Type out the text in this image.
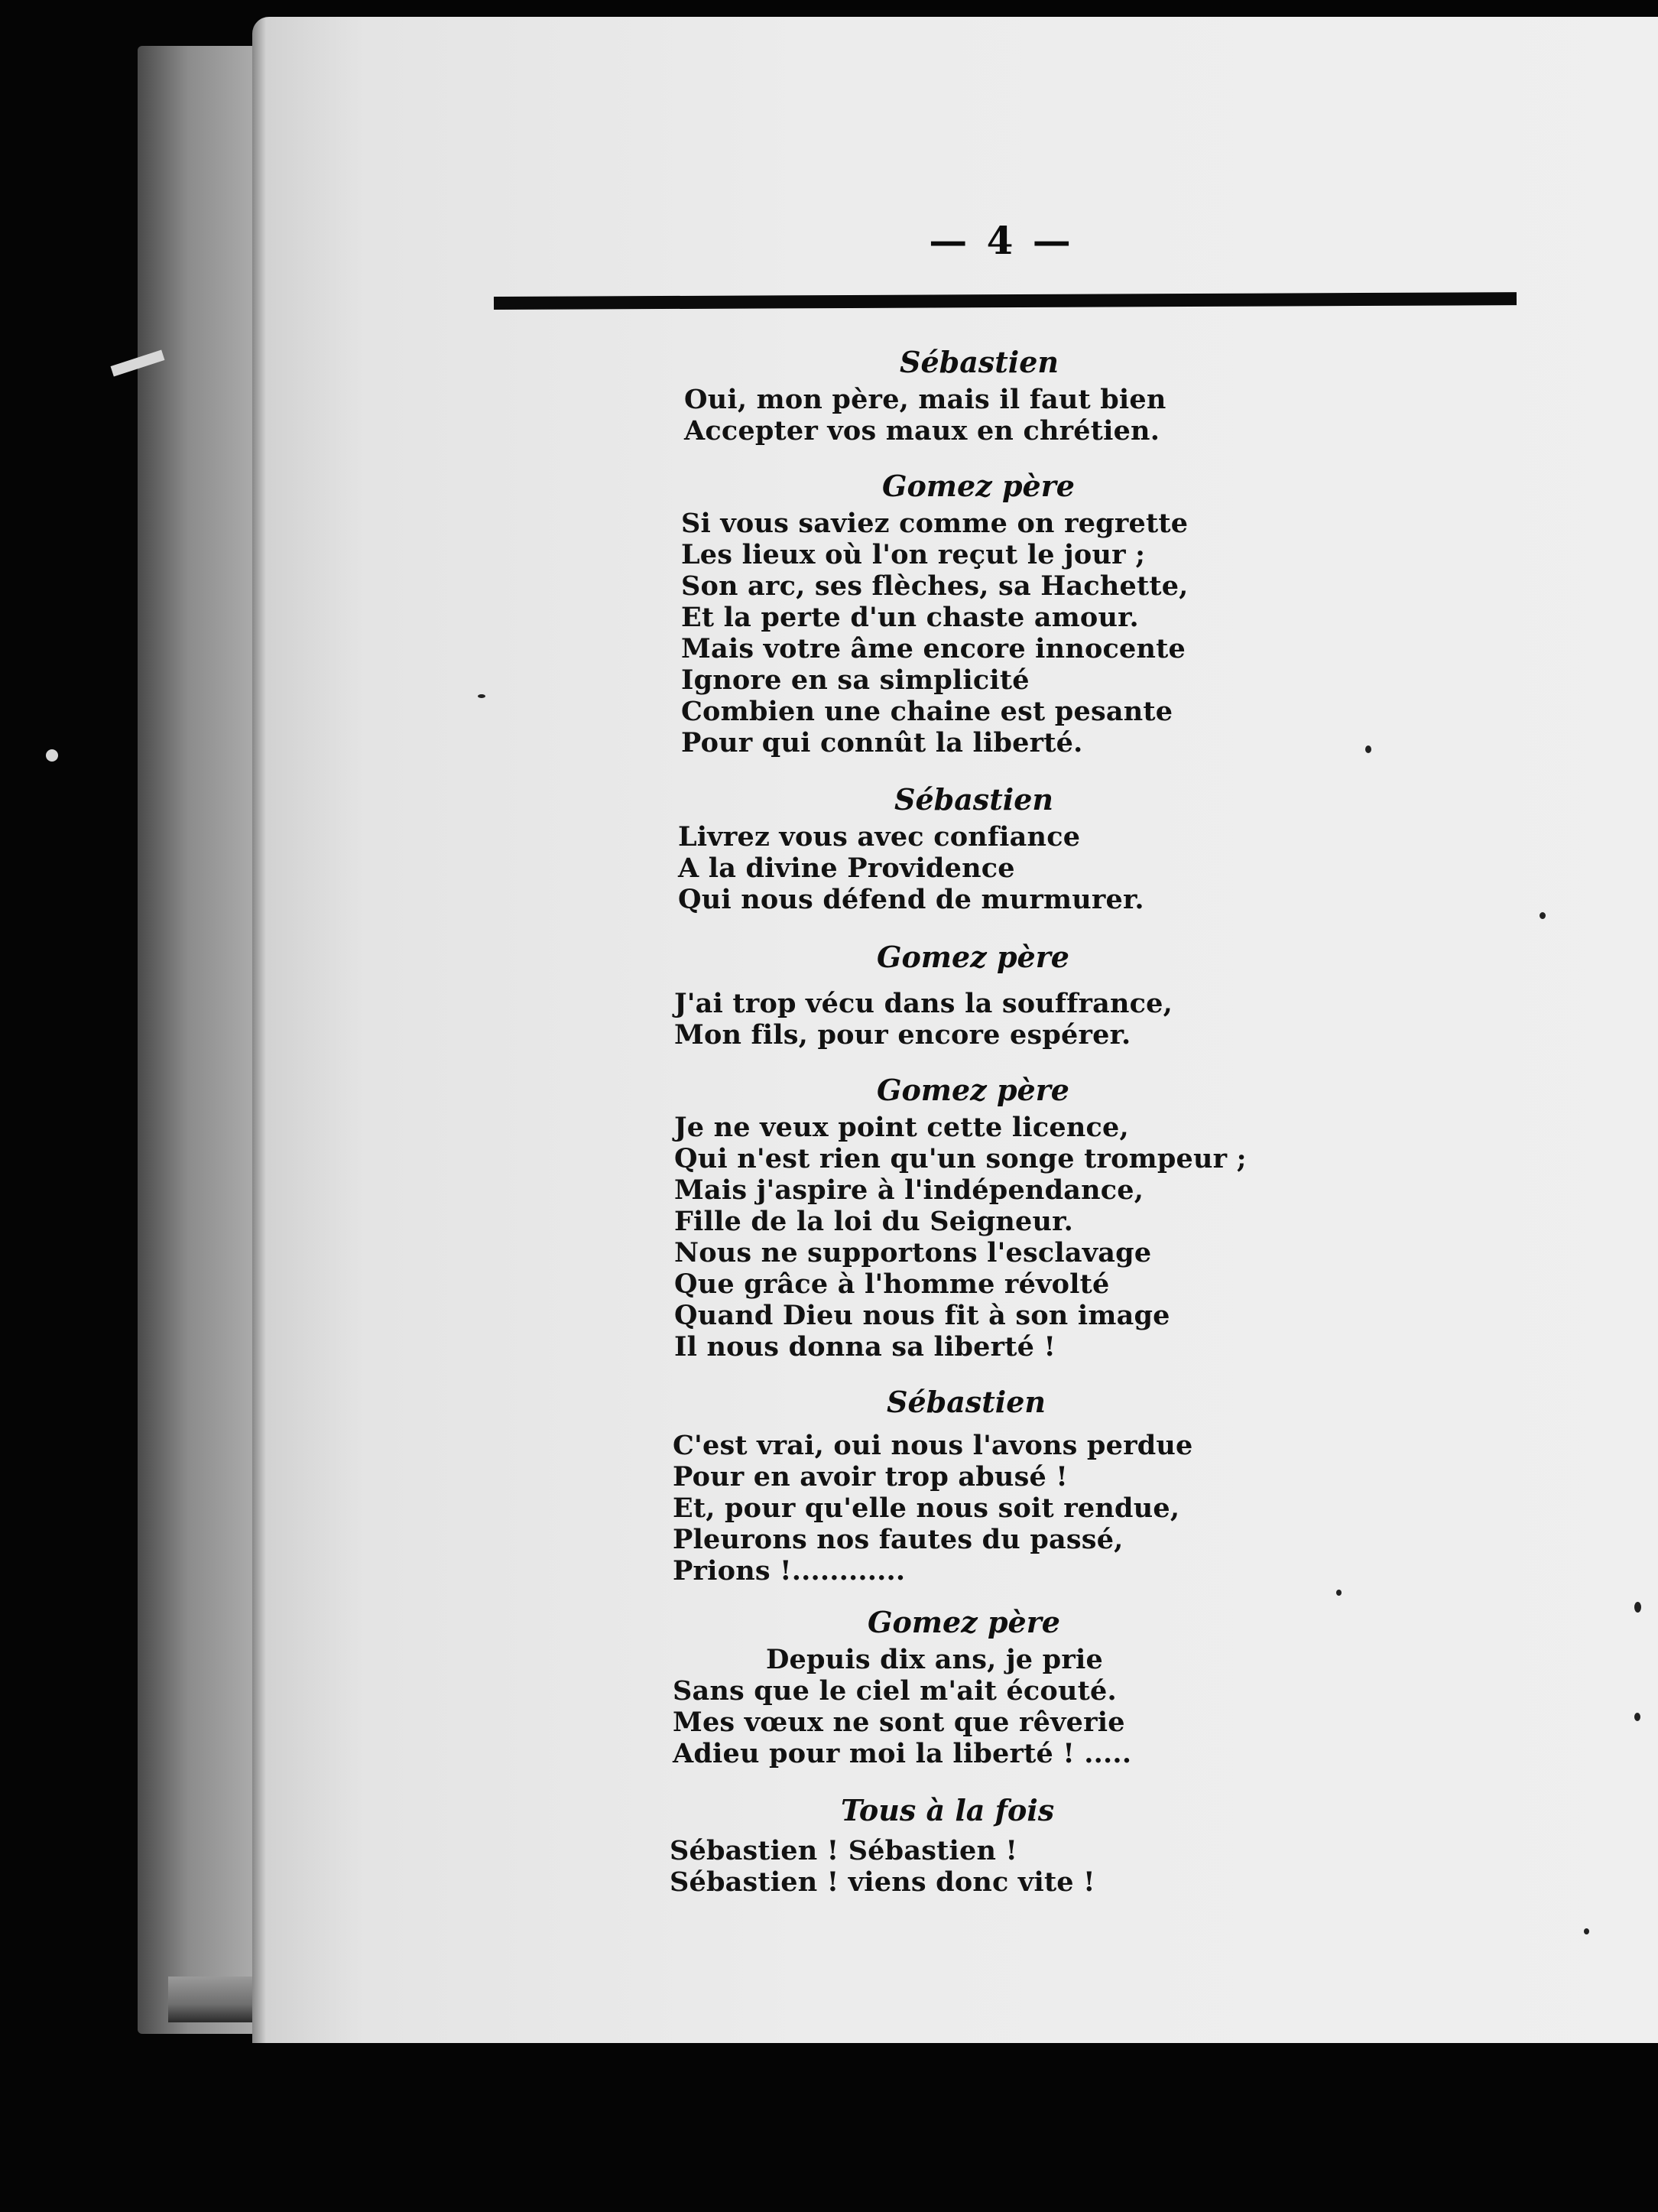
— 4 —
Sébastien
Oui, mon père, mais il faut bien
Accepter vos maux en chrétien.
Gomez père
Si vous saviez comme on regrette
Les lieux où l'on reçut le jour ;
Son arc, ses flèches, sa Hachette,
Et la perte d'un chaste amour.
Mais votre âme encore innocente
Ignore en sa simplicité
Combien une chaine est pesante
Pour qui connût la liberté.
Sébastien
Livrez vous avec confiance
A la divine Providence
Qui nous défend de murmurer.
Gomez père
J'ai trop vécu dans la souffrance,
Mon fils, pour encore espérer.
Gomez père
Je ne veux point cette licence,
Qui n'est rien qu'un songe trompeur ;
Mais j'aspire à l'indépendance,
Fille de la loi du Seigneur.
Nous ne supportons l'esclavage
Que grâce à l'homme révolté
Quand Dieu nous fit à son image
Il nous donna sa liberté !
Sébastien
C'est vrai, oui nous l'avons perdue
Pour en avoir trop abusé !
Et, pour qu'elle nous soit rendue,
Pleurons nos fautes du passé,
Prions !............
Gomez père
Depuis dix ans, je prie
Sans que le ciel m'ait écouté.
Mes vœux ne sont que rêverie
Adieu pour moi la liberté ! .....
Tous à la fois
Sébastien ! Sébastien !
Sébastien ! viens donc vite !
